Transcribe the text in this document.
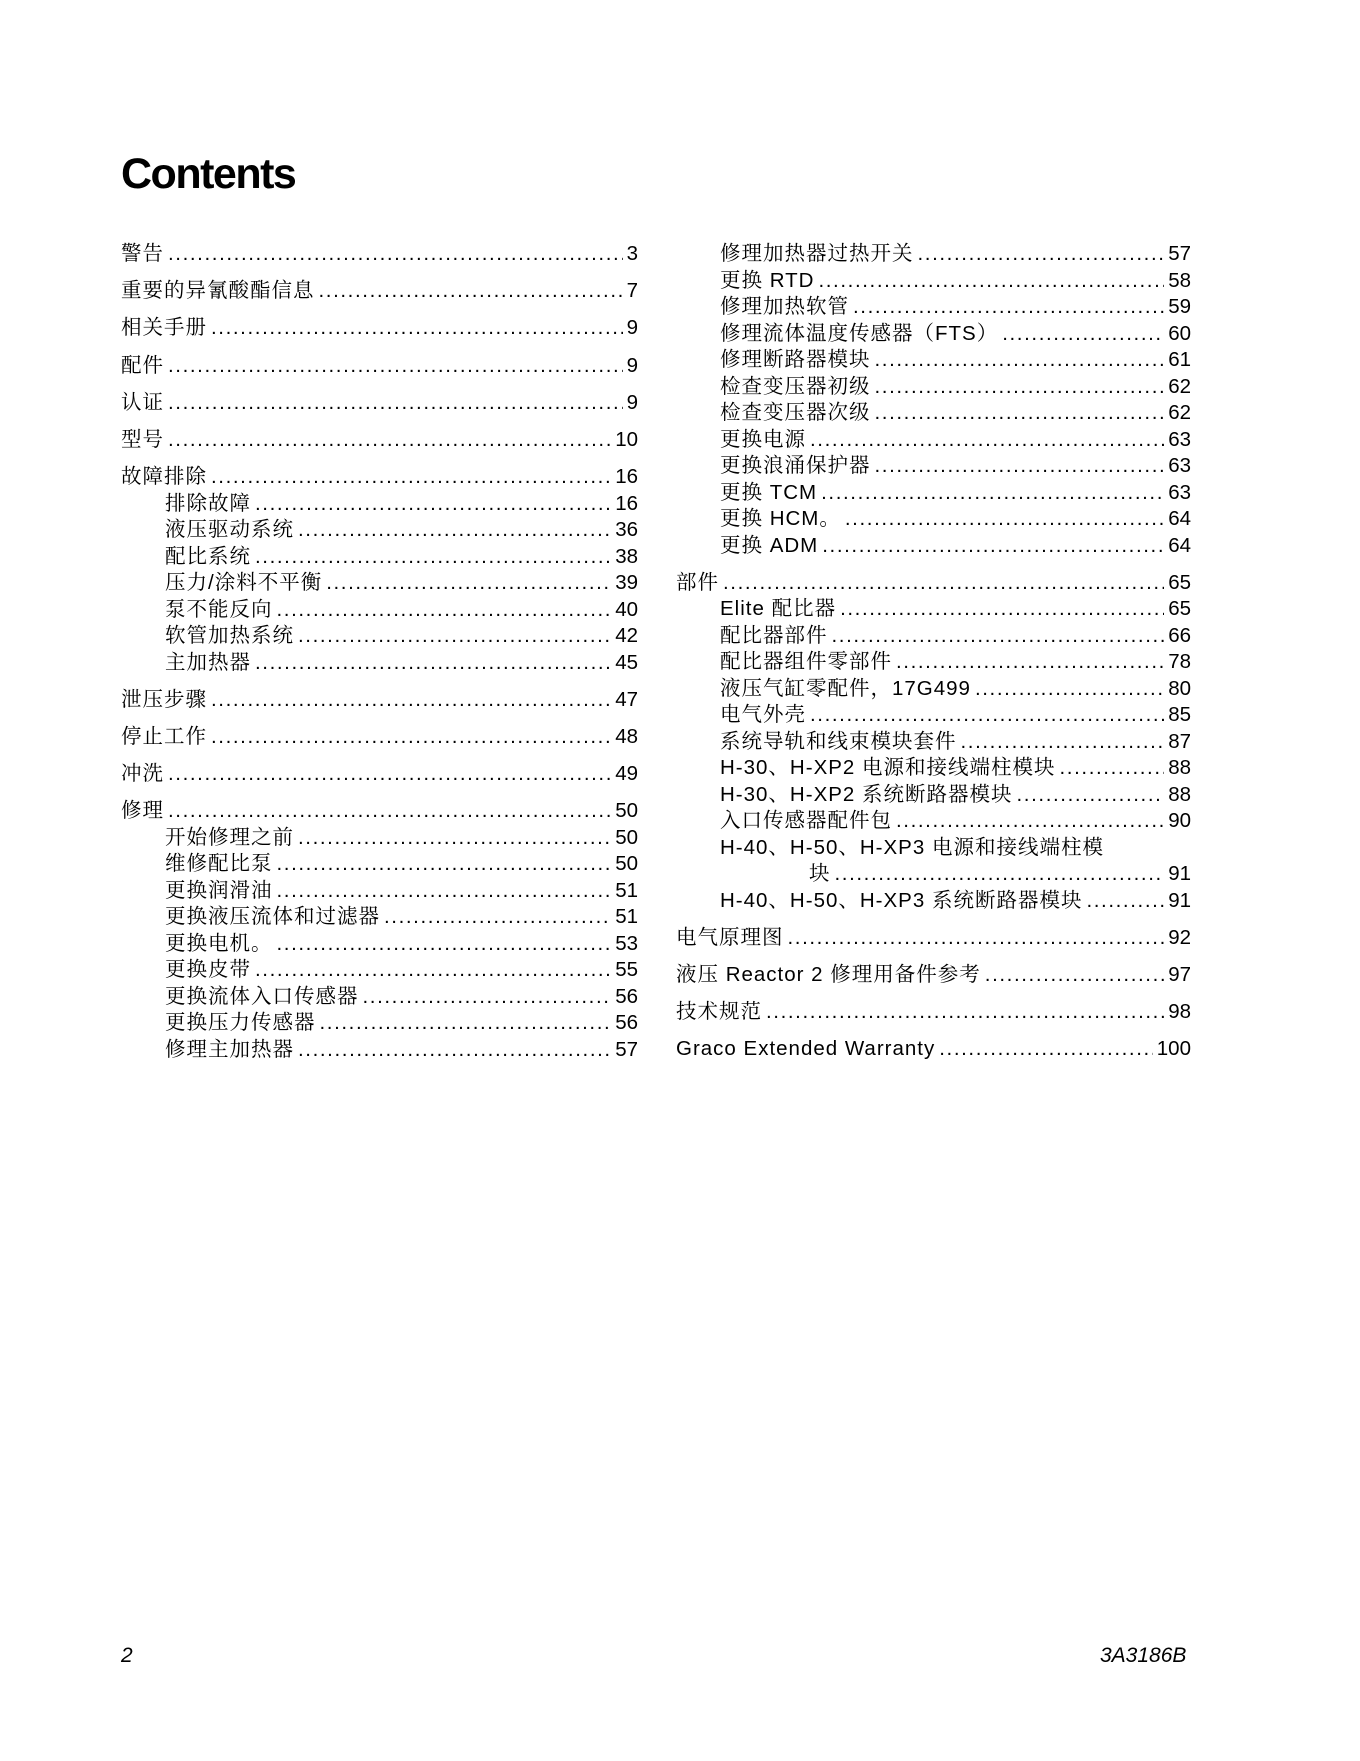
Contents
警告 .....	3
重要的异氰酸酯信息 .....	7
相关手册 .....	9
配件 .....	9
认证 .....	9
型号 .....	10
故障排除 .....	16
排除故障 .....	16
液压驱动系统 .....	36
配比系统 .....	38
压力/涂料不平衡 .....	39
泵不能反向 .....	40
软管加热系统 .....	42
主加热器 .....	45
泄压步骤 .....	47
停止工作 .....	48
冲洗 .....	49
修理 .....	50
开始修理之前 .....	50
维修配比泵 .....	50
更换润滑油 .....	51
更换液压流体和过滤器 .....	51
更换电机。 .....	53
更换皮带 .....	55
更换流体入口传感器 .....	56
更换压力传感器 .....	56
修理主加热器 .....	57
修理加热器过热开关 .....	57
更换 RTD .....	58
修理加热软管 .....	59
修理流体温度传感器（FTS） .....	60
修理断路器模块 .....	61
检查变压器初级 .....	62
检查变压器次级 .....	62
更换电源 .....	63
更换浪涌保护器 .....	63
更换 TCM .....	63
更换 HCM。 .....	64
更换 ADM .....	64
部件 .....	65
Elite 配比器 .....	65
配比器部件 .....	66
配比器组件零部件 .....	78
液压气缸零配件，17G499 .....	80
电气外壳 .....	85
系统导轨和线束模块套件 .....	87
H-30、H-XP2 电源和接线端柱模块 .....	88
H-30、H-XP2 系统断路器模块 .....	88
入口传感器配件包 .....	90
H-40、H-50、H-XP3 电源和接线端柱模
块 .....	91
H-40、H-50、H-XP3 系统断路器模块 .....	91
电气原理图 .....	92
液压 Reactor 2 修理用备件参考 .....	97
技术规范 .....	98
Graco Extended Warranty .....	100
2	3A3186B
